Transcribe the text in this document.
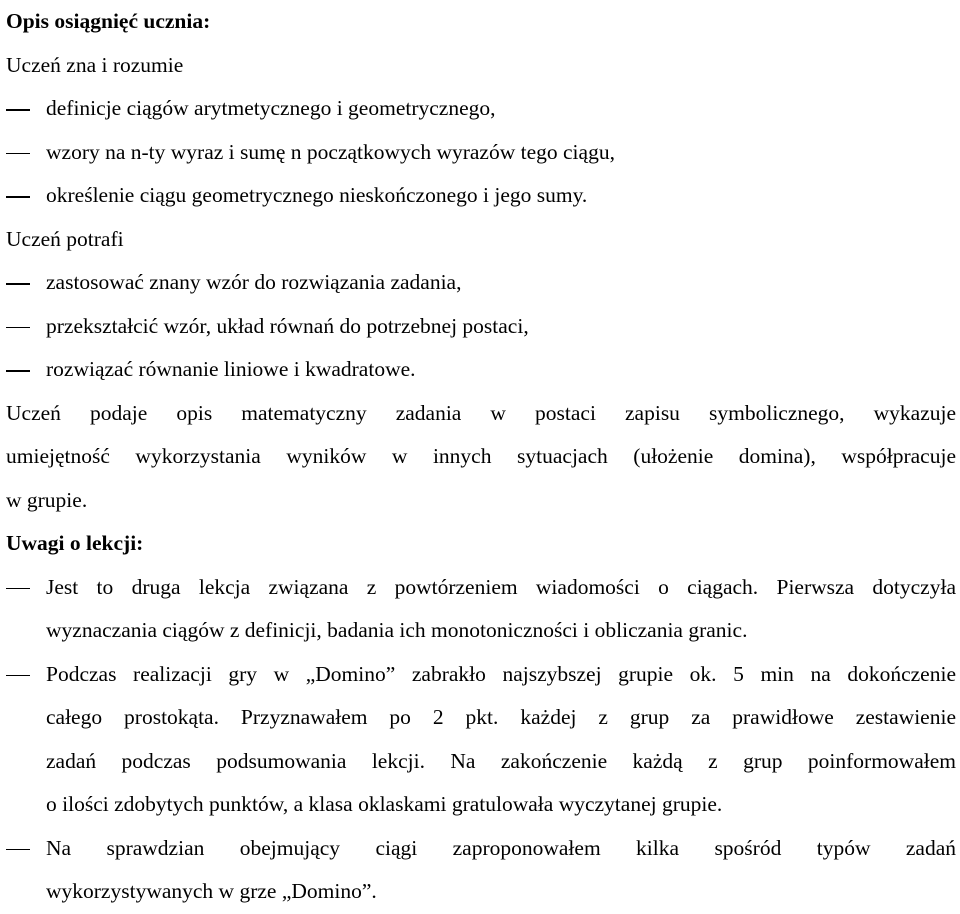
Opis osiągnięć ucznia:
Uczeń zna i rozumie
definicje ciągów arytmetycznego i geometrycznego,
wzory na n-ty wyraz i sumę n początkowych wyrazów tego ciągu,
określenie ciągu geometrycznego nieskończonego i jego sumy.
Uczeń potrafi
zastosować znany wzór do rozwiązania zadania,
przekształcić wzór, układ równań do potrzebnej postaci,
rozwiązać równanie liniowe i kwadratowe.
Uczeń podaje opis matematyczny zadania w postaci zapisu symbolicznego, wykazuje
umiejętność wykorzystania wyników w innych sytuacjach (ułożenie domina), współpracuje
w grupie.
Uwagi o lekcji:
Jest to druga lekcja związana z powtórzeniem wiadomości o ciągach. Pierwsza dotyczyła
wyznaczania ciągów z definicji, badania ich monotoniczności i obliczania granic.
Podczas realizacji gry w „Domino” zabrakło najszybszej grupie ok. 5 min na dokończenie
całego prostokąta. Przyznawałem po 2 pkt. każdej z grup za prawidłowe zestawienie
zadań podczas podsumowania lekcji. Na zakończenie każdą z grup poinformowałem
o ilości zdobytych punktów, a klasa oklaskami gratulowała wyczytanej grupie.
Na sprawdzian obejmujący ciągi zaproponowałem kilka spośród typów zadań
wykorzystywanych w grze „Domino”.
